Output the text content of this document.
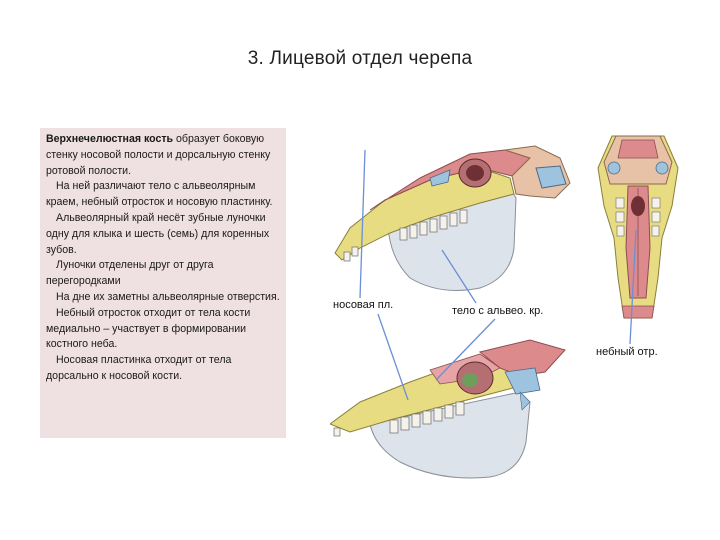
3. Лицевой отдел черепа

Верхнечелюстная кость образует боковую стенку носовой полости и дорсальную стенку ротовой полости.

На ней различают тело с альвеолярным краем, небный отросток и носовую пластинку.

Альвеолярный край несёт зубные луночки одну для клыка и шесть (семь) для коренных зубов.

Луночки отделены друг от друга перегородками

На дне их заметны альвеолярные отверстия.

Небный отросток отходит от тела кости медиально – участвует в формировании костного неба.

Носовая пластинка отходит от тела дорсально к носовой кости.

носовая пл.	тело с альвео. кр.
небный отр.
